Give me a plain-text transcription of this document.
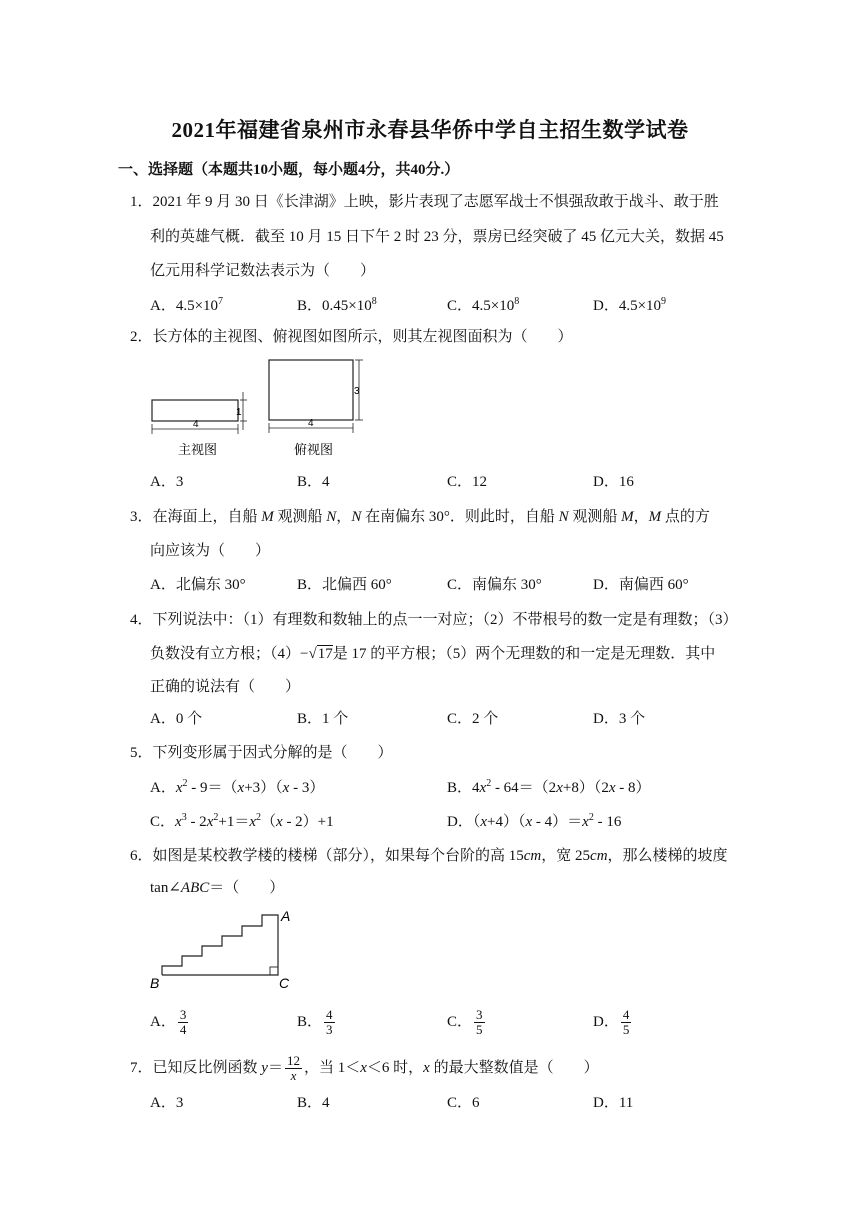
2021年福建省泉州市永春县华侨中学自主招生数学试卷
一、选择题（本题共10小题，每小题4分，共40分.）
1．2021 年 9 月 30 日《长津湖》上映，影片表现了志愿军战士不惧强敌敢于战斗、敢于胜
利的英雄气概．截至 10 月 15 日下午 2 时 23 分，票房已经突破了 45 亿元大关，数据 45
亿元用科学记数法表示为（　　）
A．$4.5\times 10^7$	B．$0.45\times 10^8$	C．$4.5\times 10^8$	D．$4.5\times 10^9$
2．长方体的主视图、俯视图如图所示，则其左视图面积为（　　）
4
1
主视图
4
3
俯视图
A．3	B．4	C．12	D．16
3．在海面上，自船 M 观测船 N，N 在南偏东 30°．则此时，自船 N 观测船 M，M 点的方
向应该为（　　）
A．北偏东 30°	B．北偏西 60°	C．南偏东 30°	D．南偏西 60°
4．下列说法中：（1）有理数和数轴上的点一一对应；（2）不带根号的数一定是有理数；（3）
负数没有立方根；（4）−√17是 17 的平方根；（5）两个无理数的和一定是无理数．其中
正确的说法有（　　）
A．0 个	B．1 个	C．2 个	D．3 个
5．下列变形属于因式分解的是（　　）
A．$x^2 - 9=(x+3)(x - 3)$	B．$4x^2 - 64=(2x+8)(2x - 8)$
C．$x^3 - 2x^2+1=x^2(x - 2)+1$	D．$(x+4)(x - 4)=x^2 - 16$
6．如图是某校教学楼的楼梯（部分），如果每个台阶的高 15cm，宽 25cm，那么楼梯的坡度
tan∠ABC＝（　　）
A
B	C
A． $\frac{3}{4}$	B． $\frac{4}{3}$	C． $\frac{3}{5}$	D． $\frac{4}{5}$
7．已知反比例函数 $y= \frac{12}{x}$ ，当 1＜x＜6 时，x 的最大整数值是（　　）
A．3	B．4	C．6	D．11
